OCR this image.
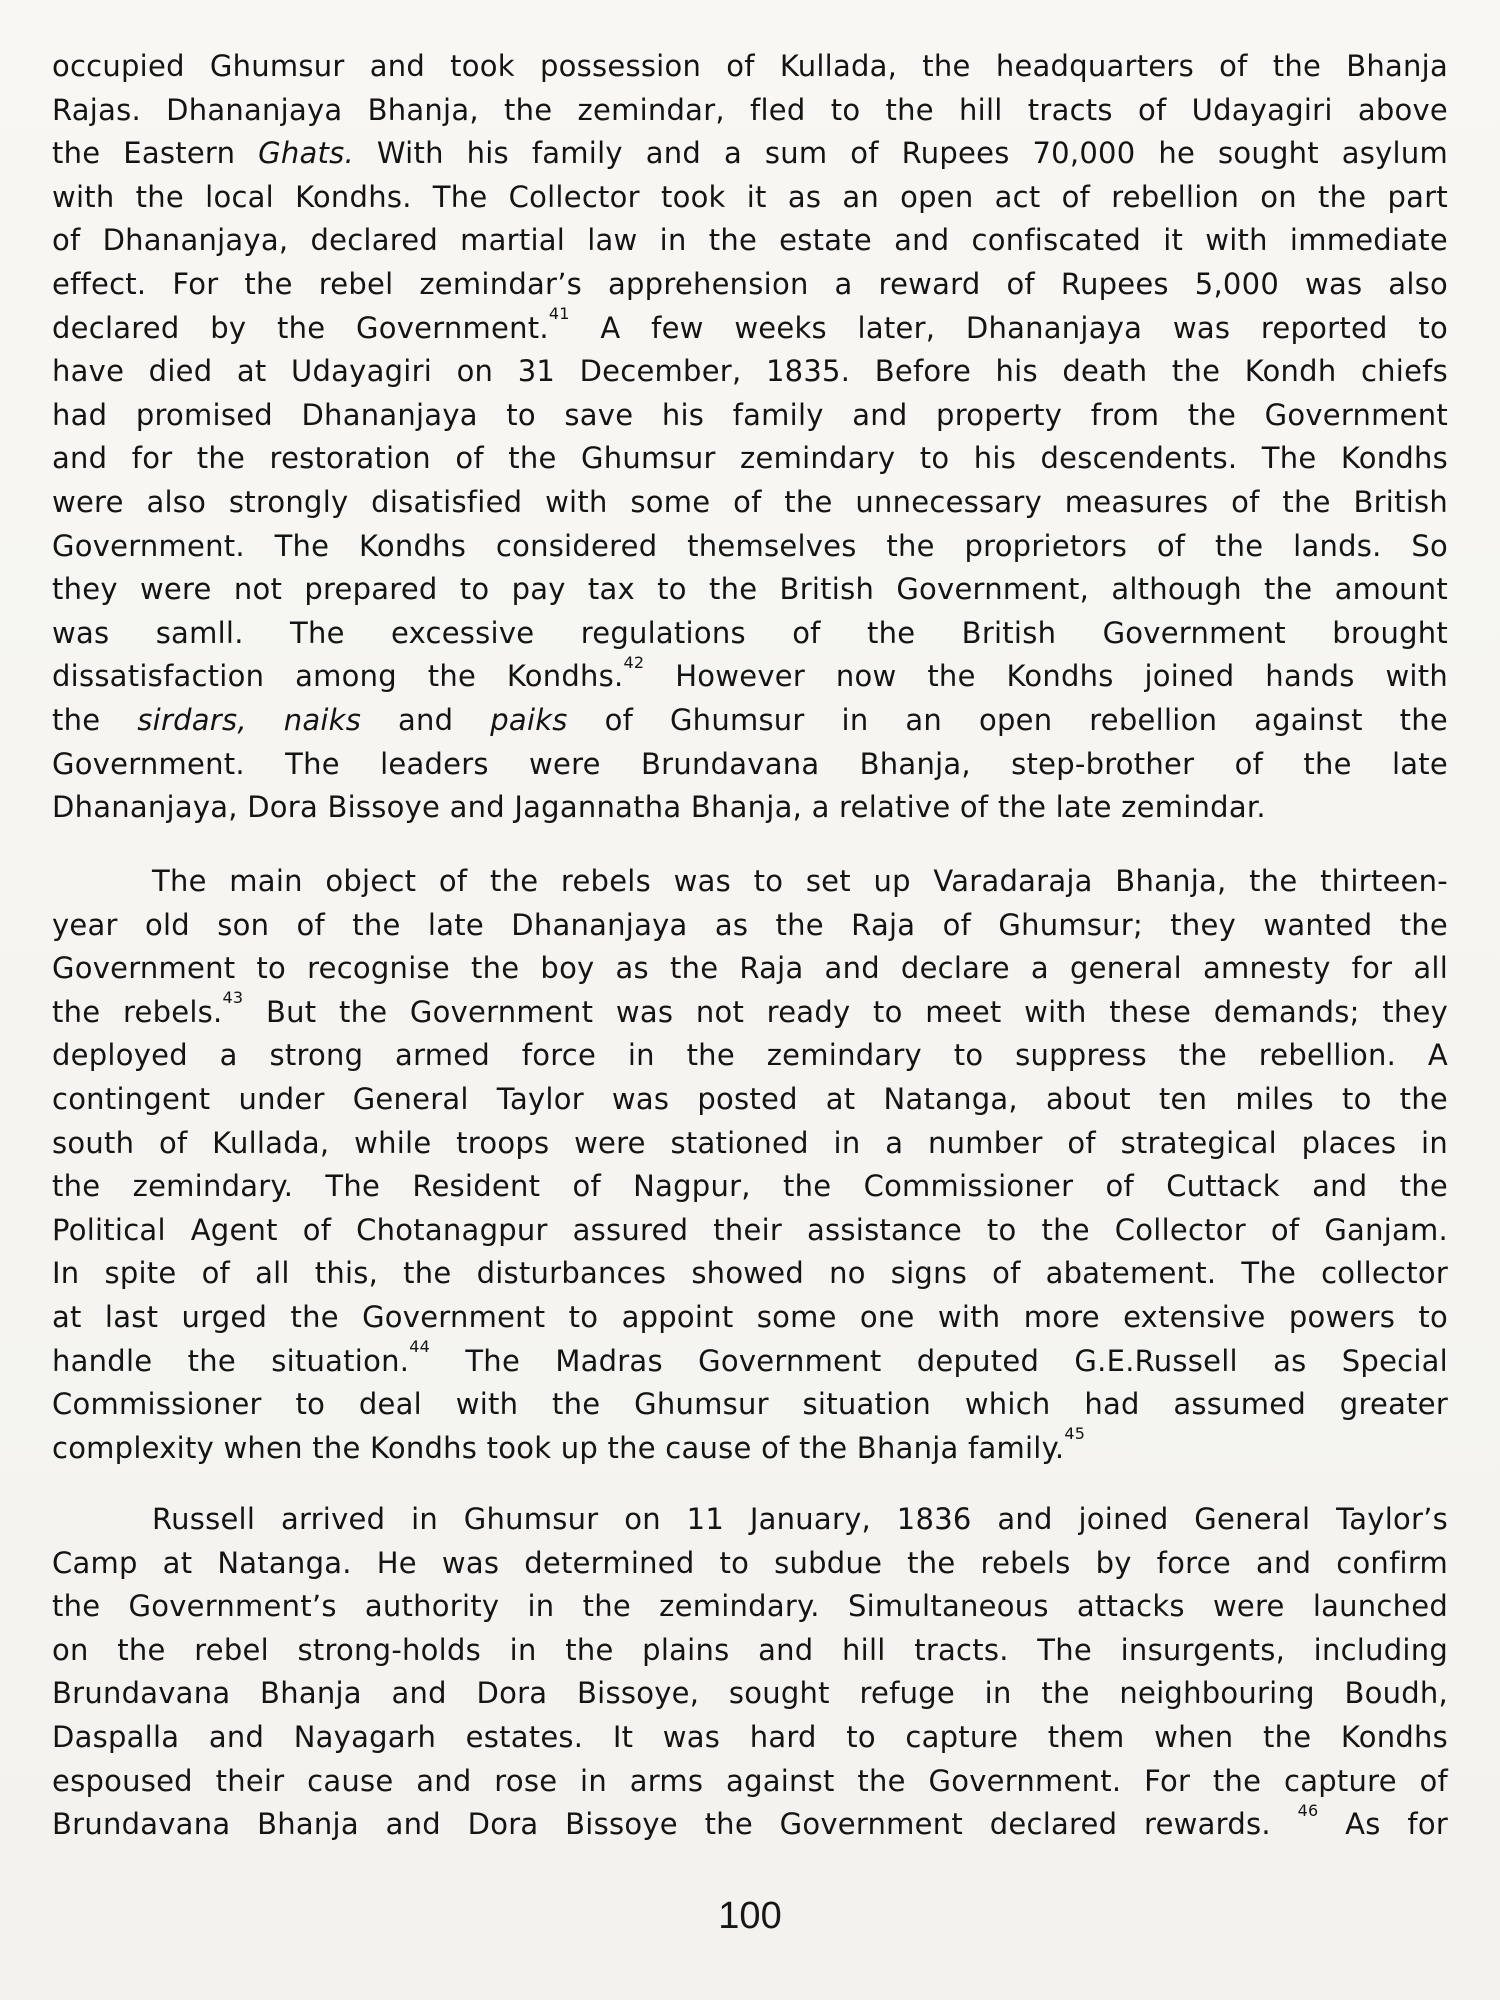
occupied Ghumsur and took possession of Kullada, the headquarters of the Bhanja
Rajas. Dhananjaya Bhanja, the zemindar, fled to the hill tracts of Udayagiri above
the Eastern Ghats. With his family and a sum of Rupees 70,000 he sought asylum
with the local Kondhs. The Collector took it as an open act of rebellion on the part
of Dhananjaya, declared martial law in the estate and confiscated it with immediate
effect. For the rebel zemindar’s apprehension a reward of Rupees 5,000 was also
declared by the Government.$^{41}$ A few weeks later, Dhananjaya was reported to
have died at Udayagiri on 31 December, 1835. Before his death the Kondh chiefs
had promised Dhananjaya to save his family and property from the Government
and for the restoration of the Ghumsur zemindary to his descendents. The Kondhs
were also strongly disatisfied with some of the unnecessary measures of the British
Government. The Kondhs considered themselves the proprietors of the lands. So
they were not prepared to pay tax to the British Government, although the amount
was samll. The excessive regulations of the British Government brought
dissatisfaction among the Kondhs.$^{42}$ However now the Kondhs joined hands with
the sirdars, naiks and paiks of Ghumsur in an open rebellion against the
Government. The leaders were Brundavana Bhanja, step-brother of the late
Dhananjaya, Dora Bissoye and Jagannatha Bhanja, a relative of the late zemindar.
The main object of the rebels was to set up Varadaraja Bhanja, the thirteen-
year old son of the late Dhananjaya as the Raja of Ghumsur; they wanted the
Government to recognise the boy as the Raja and declare a general amnesty for all
the rebels.$^{43}$ But the Government was not ready to meet with these demands; they
deployed a strong armed force in the zemindary to suppress the rebellion. A
contingent under General Taylor was posted at Natanga, about ten miles to the
south of Kullada, while troops were stationed in a number of strategical places in
the zemindary. The Resident of Nagpur, the Commissioner of Cuttack and the
Political Agent of Chotanagpur assured their assistance to the Collector of Ganjam.
In spite of all this, the disturbances showed no signs of abatement. The collector
at last urged the Government to appoint some one with more extensive powers to
handle the situation.$^{44}$ The Madras Government deputed G.E.Russell as Special
Commissioner to deal with the Ghumsur situation which had assumed greater
complexity when the Kondhs took up the cause of the Bhanja family.$^{45}$
Russell arrived in Ghumsur on 11 January, 1836 and joined General Taylor’s
Camp at Natanga. He was determined to subdue the rebels by force and confirm
the Government’s authority in the zemindary. Simultaneous attacks were launched
on the rebel strong-holds in the plains and hill tracts. The insurgents, including
Brundavana Bhanja and Dora Bissoye, sought refuge in the neighbouring Boudh,
Daspalla and Nayagarh estates. It was hard to capture them when the Kondhs
espoused their cause and rose in arms against the Government. For the capture of
Brundavana Bhanja and Dora Bissoye the Government declared rewards. $^{46}$ As for
100
